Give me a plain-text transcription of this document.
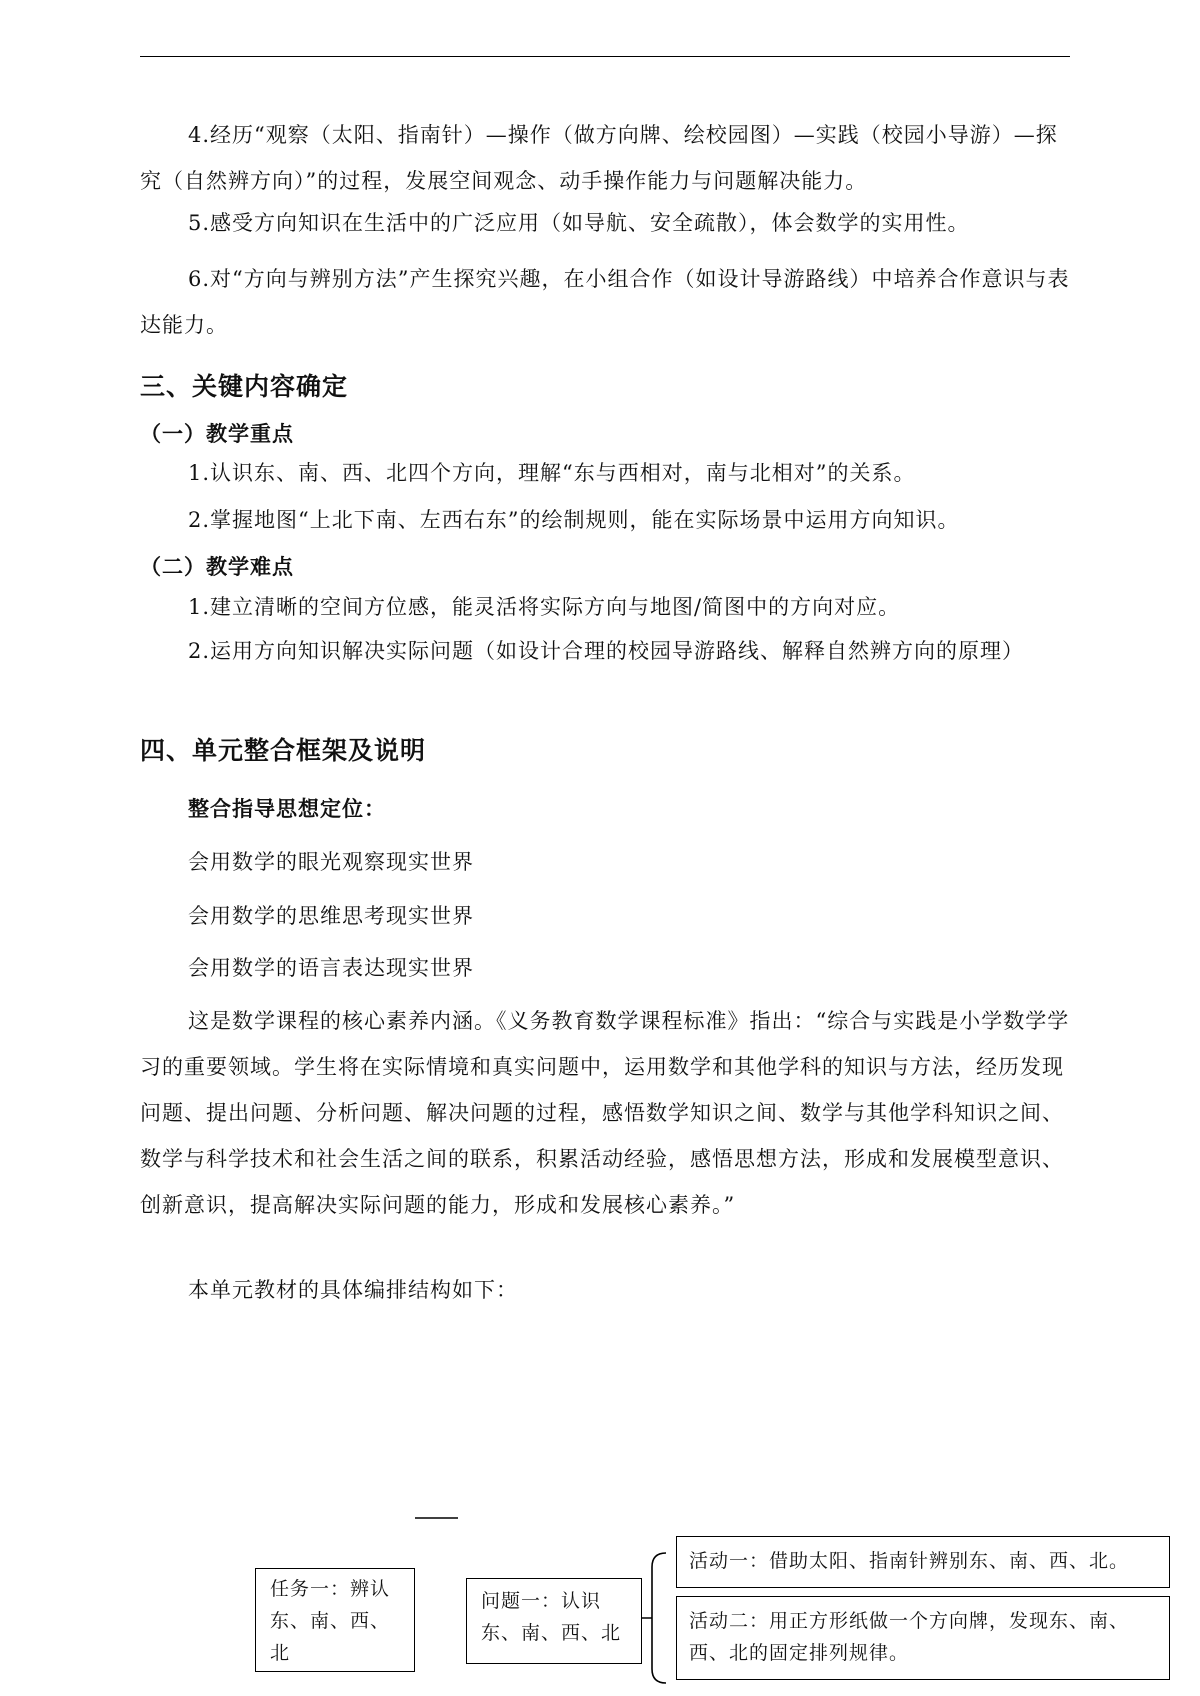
4.经历“观察（太阳、指南针）—操作（做方向牌、绘校园图）—实践（校园小导游）—探究（自然辨方向）”的过程，发展空间观念、动手操作能力与问题解决能力。

5.感受方向知识在生活中的广泛应用（如导航、安全疏散），体会数学的实用性。

6.对“方向与辨别方法”产生探究兴趣，在小组合作（如设计导游路线）中培养合作意识与表达能力。

三、关键内容确定
（一）教学重点
1.认识东、南、西、北四个方向，理解“东与西相对，南与北相对”的关系。
2.掌握地图“上北下南、左西右东”的绘制规则，能在实际场景中运用方向知识。
（二）教学难点
1.建立清晰的空间方位感，能灵活将实际方向与地图/简图中的方向对应。

2.运用方向知识解决实际问题（如设计合理的校园导游路线、解释自然辨方向的原理）

四、单元整合框架及说明
整合指导思想定位：
会用数学的眼光观察现实世界
会用数学的思维思考现实世界
会用数学的语言表达现实世界

这是数学课程的核心素养内涵。《义务教育数学课程标准》指出：“综合与实践是小学数学学习的重要领域。学生将在实际情境和真实问题中，运用数学和其他学科的知识与方法，经历发现问题、提出问题、分析问题、解决问题的过程，感悟数学知识之间、数学与其他学科知识之间、数学与科学技术和社会生活之间的联系，积累活动经验，感悟思想方法，形成和发展模型意识、创新意识，提高解决实际问题的能力，形成和发展核心素养。”

本单元教材的具体编排结构如下：
任务一：辨认东、南、西、北
问题一：认识东、南、西、北
活动一：借助太阳、指南针辨别东、南、西、北。
活动二：用正方形纸做一个方向牌，发现东、南、西、北的固定排列规律。
